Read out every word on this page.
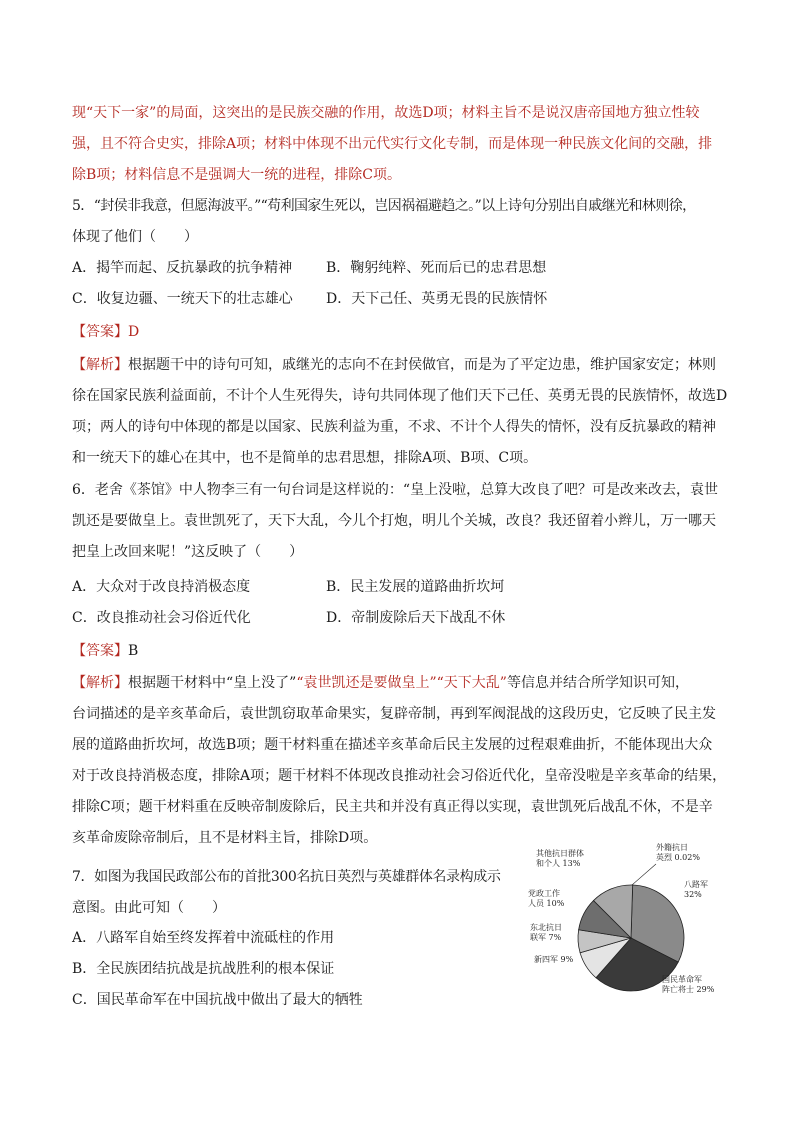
现“天下一家”的局面，这突出的是民族交融的作用，故选D项；材料主旨不是说汉唐帝国地方独立性较
强，且不符合史实，排除A项；材料中体现不出元代实行文化专制，而是体现一种民族文化间的交融，排
除B项；材料信息不是强调大一统的进程，排除C项。
5．“封侯非我意，但愿海波平。”“苟利国家生死以，岂因祸福避趋之。”以上诗句分别出自戚继光和林则徐，
体现了他们（　　）
A．揭竿而起、反抗暴政的抗争精神 B．鞠躬纯粹、死而后已的忠君思想
C．收复边疆、一统天下的壮志雄心 D．天下己任、英勇无畏的民族情怀
【答案】D
【解析】根据题干中的诗句可知，戚继光的志向不在封侯做官，而是为了平定边患，维护国家安定；林则
徐在国家民族利益面前，不计个人生死得失，诗句共同体现了他们天下己任、英勇无畏的民族情怀，故选D
项；两人的诗句中体现的都是以国家、民族利益为重，不求、不计个人得失的情怀，没有反抗暴政的精神
和一统天下的雄心在其中，也不是简单的忠君思想，排除A项、B项、C项。
6．老舍《茶馆》中人物李三有一句台词是这样说的：“皇上没啦，总算大改良了吧？可是改来改去，袁世
凯还是要做皇上。袁世凯死了，天下大乱，今儿个打炮，明儿个关城，改良？我还留着小辫儿，万一哪天
把皇上改回来呢！”这反映了（　　）
A．大众对于改良持消极态度	B．民主发展的道路曲折坎坷
C．改良推动社会习俗近代化	D．帝制废除后天下战乱不休
【答案】B
【解析】根据题干材料中“皇上没了”“袁世凯还是要做皇上”“天下大乱”等信息并结合所学知识可知，
台词描述的是辛亥革命后，袁世凯窃取革命果实，复辟帝制，再到军阀混战的这段历史，它反映了民主发
展的道路曲折坎坷，故选B项；题干材料重在描述辛亥革命后民主发展的过程艰难曲折，不能体现出大众
对于改良持消极态度，排除A项；题干材料不体现改良推动社会习俗近代化，皇帝没啦是辛亥革命的结果，
排除C项；题干材料重在反映帝制废除后，民主共和并没有真正得以实现，袁世凯死后战乱不休，不是辛
亥革命废除帝制后，且不是材料主旨，排除D项。
7．如图为我国民政部公布的首批300名抗日英烈与英雄群体名录构成示
意图。由此可知（　　）
A．八路军自始至终发挥着中流砥柱的作用
B．全民族团结抗战是抗战胜利的根本保证
C．国民革命军在中国抗战中做出了最大的牺牲
外籍抗日英烈 0.02%
八路军 32%
国民革命军阵亡将士 29%
新四军 9%
东北抗日联军 7%
党政工作人员 10%
其他抗日群体和个人 13%
